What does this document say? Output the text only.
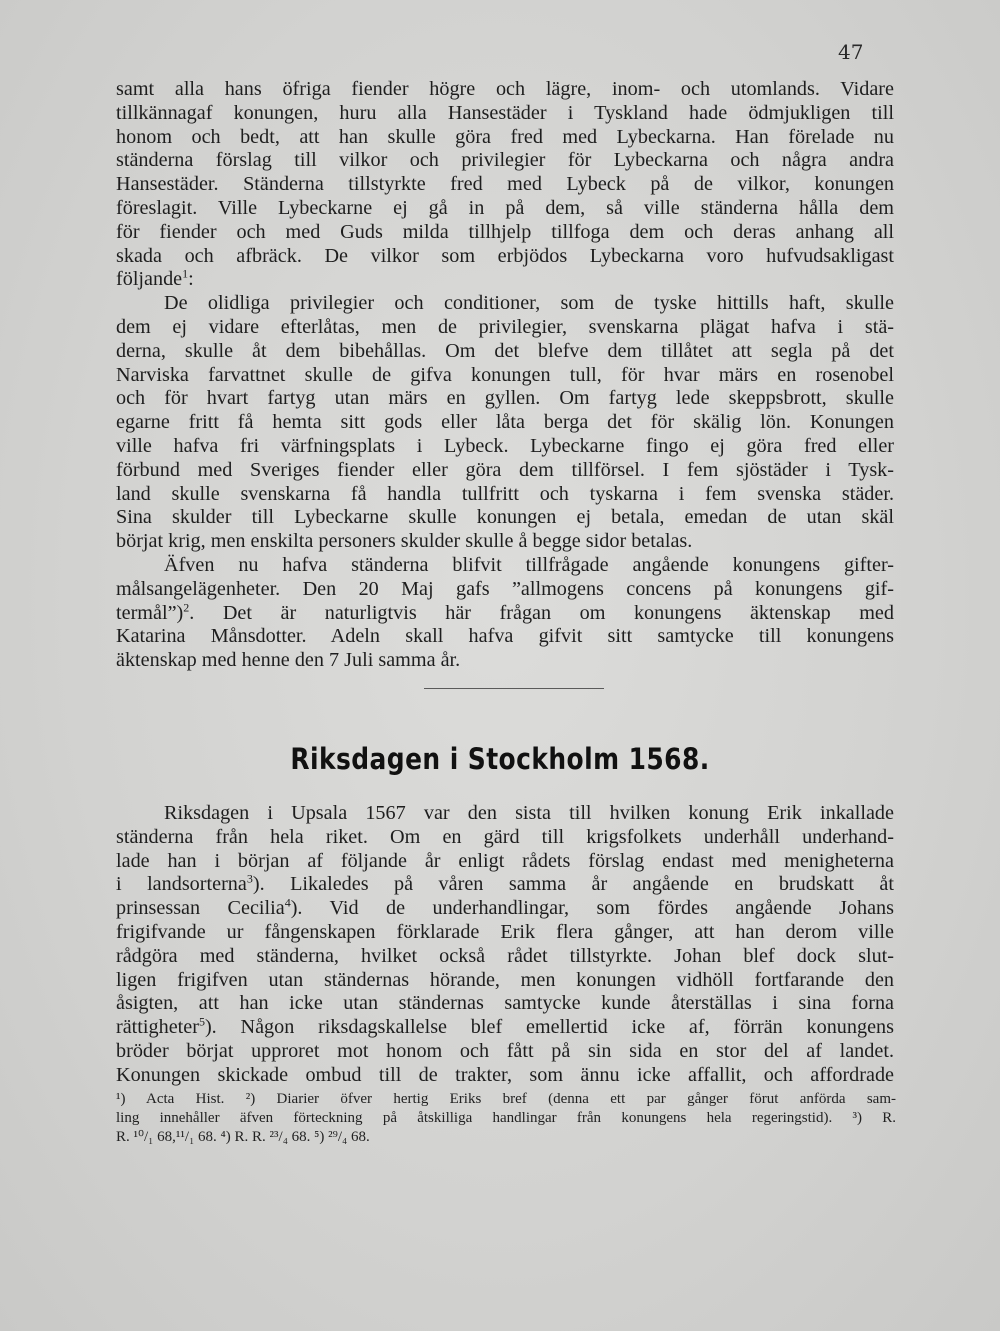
47
samt alla hans öfriga fiender högre och lägre, inom- och utomlands. Vidare
tillkännagaf konungen, huru alla Hansestäder i Tyskland hade ödmjukligen till
honom och bedt, att han skulle göra fred med Lybeckarna. Han förelade nu
ständerna förslag till vilkor och privilegier för Lybeckarna och några andra
Hansestäder. Ständerna tillstyrkte fred med Lybeck på de vilkor, konungen
föreslagit. Ville Lybeckarne ej gå in på dem, så ville ständerna hålla dem
för fiender och med Guds milda tillhjelp tillfoga dem och deras anhang all
skada och afbräck. De vilkor som erbjödos Lybeckarna voro hufvudsakligast
följande$^1$:
De olidliga privilegier och conditioner, som de tyske hittills haft, skulle
dem ej vidare efterlåtas, men de privilegier, svenskarna plägat hafva i stä-
derna, skulle åt dem bibehållas. Om det blefve dem tillåtet att segla på det
Narviska farvattnet skulle de gifva konungen tull, för hvar märs en rosenobel
och för hvart fartyg utan märs en gyllen. Om fartyg lede skeppsbrott, skulle
egarne fritt få hemta sitt gods eller låta berga det för skälig lön. Konungen
ville hafva fri värfningsplats i Lybeck. Lybeckarne fingo ej göra fred eller
förbund med Sveriges fiender eller göra dem tillförsel. I fem sjöstäder i Tysk-
land skulle svenskarna få handla tullfritt och tyskarna i fem svenska städer.
Sina skulder till Lybeckarne skulle konungen ej betala, emedan de utan skäl
börjat krig, men enskilta personers skulder skulle å begge sidor betalas.
Äfven nu hafva ständerna blifvit tillfrågade angående konungens gifter-
målsangelägenheter. Den 20 Maj gafs ”allmogens concens på konungens gif-
termål”)$^2$. Det är naturligtvis här frågan om konungens äktenskap med
Katarina Månsdotter. Adeln skall hafva gifvit sitt samtycke till konungens
äktenskap med henne den 7 Juli samma år.
Riksdagen i Stockholm 1568.
Riksdagen i Upsala 1567 var den sista till hvilken konung Erik inkallade
ständerna från hela riket. Om en gärd till krigsfolkets underhåll underhand-
lade han i början af följande år enligt rådets förslag endast med menigheterna
i landsorterna$^3$). Likaledes på våren samma år angående en brudskatt åt
prinsessan Cecilia$^4$). Vid de underhandlingar, som fördes angående Johans
frigifvande ur fångenskapen förklarade Erik flera gånger, att han derom ville
rådgöra med ständerna, hvilket också rådet tillstyrkte. Johan blef dock slut-
ligen frigifven utan ständernas hörande, men konungen vidhöll fortfarande den
åsigten, att han icke utan ständernas samtycke kunde återställas i sina forna
rättigheter$^5$). Någon riksdagskallelse blef emellertid icke af, förrän konungens
bröder börjat upproret mot honom och fått på sin sida en stor del af landet.
Konungen skickade ombud till de trakter, som ännu icke affallit, och affordrade
¹) Acta Hist. ²) Diarier öfver hertig Eriks bref (denna ett par gånger förut anförda sam-
ling innehåller äfven förteckning på åtskilliga handlingar från konungens hela regeringstid). ³) R.
R. ¹⁰/₁ 68,¹¹/₁ 68. ⁴) R. R. ²³/₄ 68. ⁵) ²⁹/₄ 68.
